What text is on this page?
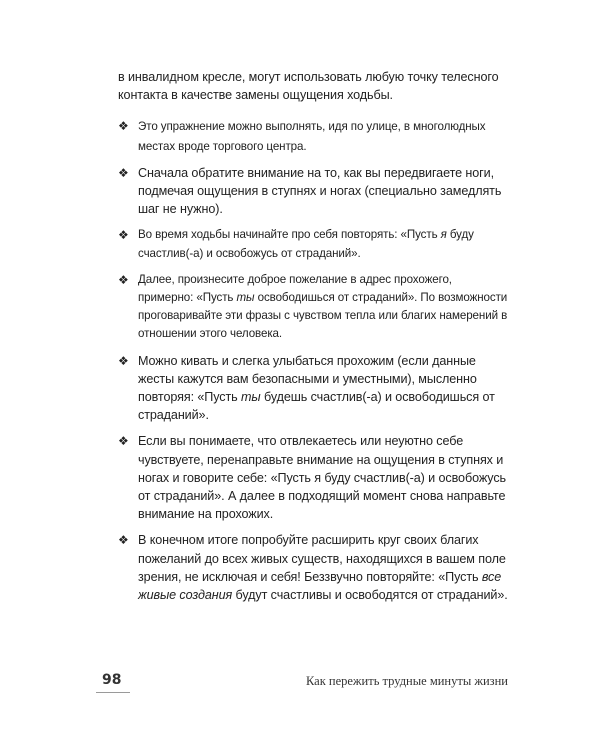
в инвалидном кресле, могут использовать любую точку телесного контакта в качестве замены ощущения ходьбы.

❖ Это упражнение можно выполнять, идя по улице, в многолюдных местах вроде торгового центра.
❖ Сначала обратите внимание на то, как вы передвигаете ноги, подмечая ощущения в ступнях и ногах (специально замедлять шаг не нужно).
❖ Во время ходьбы начинайте про себя повторять: «Пусть я буду счастлив(-а) и освобожусь от страданий».
❖ Далее, произнесите доброе пожелание в адрес прохожего, примерно: «Пусть ты освободишься от страданий». По возможности проговаривайте эти фразы с чувством тепла или благих намерений в отношении этого человека.
❖ Можно кивать и слегка улыбаться прохожим (если данные жесты кажутся вам безопасными и уместными), мысленно повторяя: «Пусть ты будешь счастлив(-а) и освободишься от страданий».
❖ Если вы понимаете, что отвлекаетесь или неуютно себе чувствуете, перенаправьте внимание на ощущения в ступнях и ногах и говорите себе: «Пусть я буду счастлив(-а) и освобожусь от страданий». А далее в подходящий момент снова направьте внимание на прохожих.
❖ В конечном итоге попробуйте расширить круг своих благих пожеланий до всех живых существ, находящихся в вашем поле зрения, не исключая и себя! Беззвучно повторяйте: «Пусть все живые создания будут счастливы и освободятся от страданий».
98	Как пережить трудные минуты жизни
